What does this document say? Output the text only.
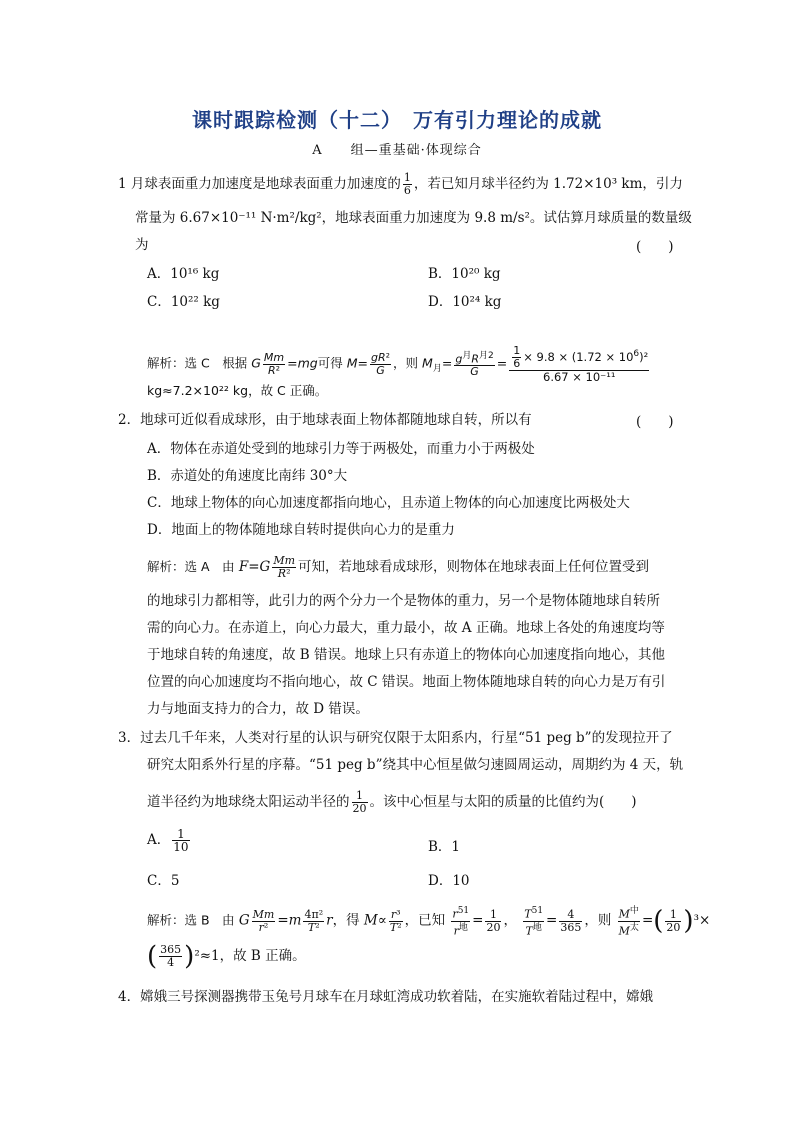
课时跟踪检测（十二）　万有引力理论的成就
A　　组—重基础·体现综合
1 月球表面重力加速度是地球表面重力加速度的 $\frac{1}{6}$ ，若已知月球半径约为 1.72×10³ km，引力
常量为 6.67×10⁻¹¹ N·m²/kg²，地球表面重力加速度为 9.8 m/s²。试估算月球质量的数量级
为	(　　)
A．10¹⁶ kg	B．10²⁰ kg
C．10²² kg	D．10²⁴ kg
解析：选 C　根据 G $\frac{Mm}{\text{R²}} =mg$可得 $M= \frac{\text{gR²}}{G}$ ，则 $M_月= \frac{g^月R^{月2}}{G} = \frac{\frac{1}{6} \times 9.8 \times (1.72 \times 10^6)^2}{\text{6.67 × 10⁻¹¹}}$
kg≈7.2×10²² kg，故 C 正确。
2．地球可近似看成球形，由于地球表面上物体都随地球自转，所以有	(　　)
A．物体在赤道处受到的地球引力等于两极处，而重力小于两极处
B．赤道处的角速度比南纬 30°大
C．地球上物体的向心加速度都指向地心，且赤道上物体的向心加速度比两极处大
D．地面上的物体随地球自转时提供向心力的是重力
解析：选 A　由 $F=G \frac{Mm}{\text{R²}}$ 可知，若地球看成球形，则物体在地球表面上任何位置受到
的地球引力都相等，此引力的两个分力一个是物体的重力，另一个是物体随地球自转所
需的向心力。在赤道上，向心力最大，重力最小，故 A 正确。地球上各处的角速度均等
于地球自转的角速度，故 B 错误。地球上只有赤道上的物体向心加速度指向地心，其他
位置的向心加速度均不指向地心，故 C 错误。地面上物体随地球自转的向心力是万有引
力与地面支持力的合力，故 D 错误。
3．过去几千年来，人类对行星的认识与研究仅限于太阳系内，行星“51 peg b”的发现拉开了
研究太阳系外行星的序幕。“51 peg b”绕其中心恒星做匀速圆周运动，周期约为 4 天，轨
道半径约为地球绕太阳运动半径的 $\frac{1}{20}$ 。该中心恒星与太阳的质量的比值约为(　　)
A． $\frac{1}{10}$	B．1
C．5	D．10
解析：选 B　由 G $\frac{Mm}{\text{r²}} =m \frac{\text{4π²}}{\text{T²}}$ r，得 $M\propto \frac{\text{r³}}{\text{T²}}$ ，已知 $\frac{r^{51}}{r^地} = \frac{1}{20}$ ， $\frac{T^{51}}{T^地} = \frac{4}{365}$ ，则 $\frac{M^中}{M^太}$ =( $\frac{1}{20} )^3\times$
( $\frac{365}{4} )^2\approx 1$，故 B 正确。
4．嫦娥三号探测器携带玉兔号月球车在月球虹湾成功软着陆，在实施软着陆过程中，嫦娥
